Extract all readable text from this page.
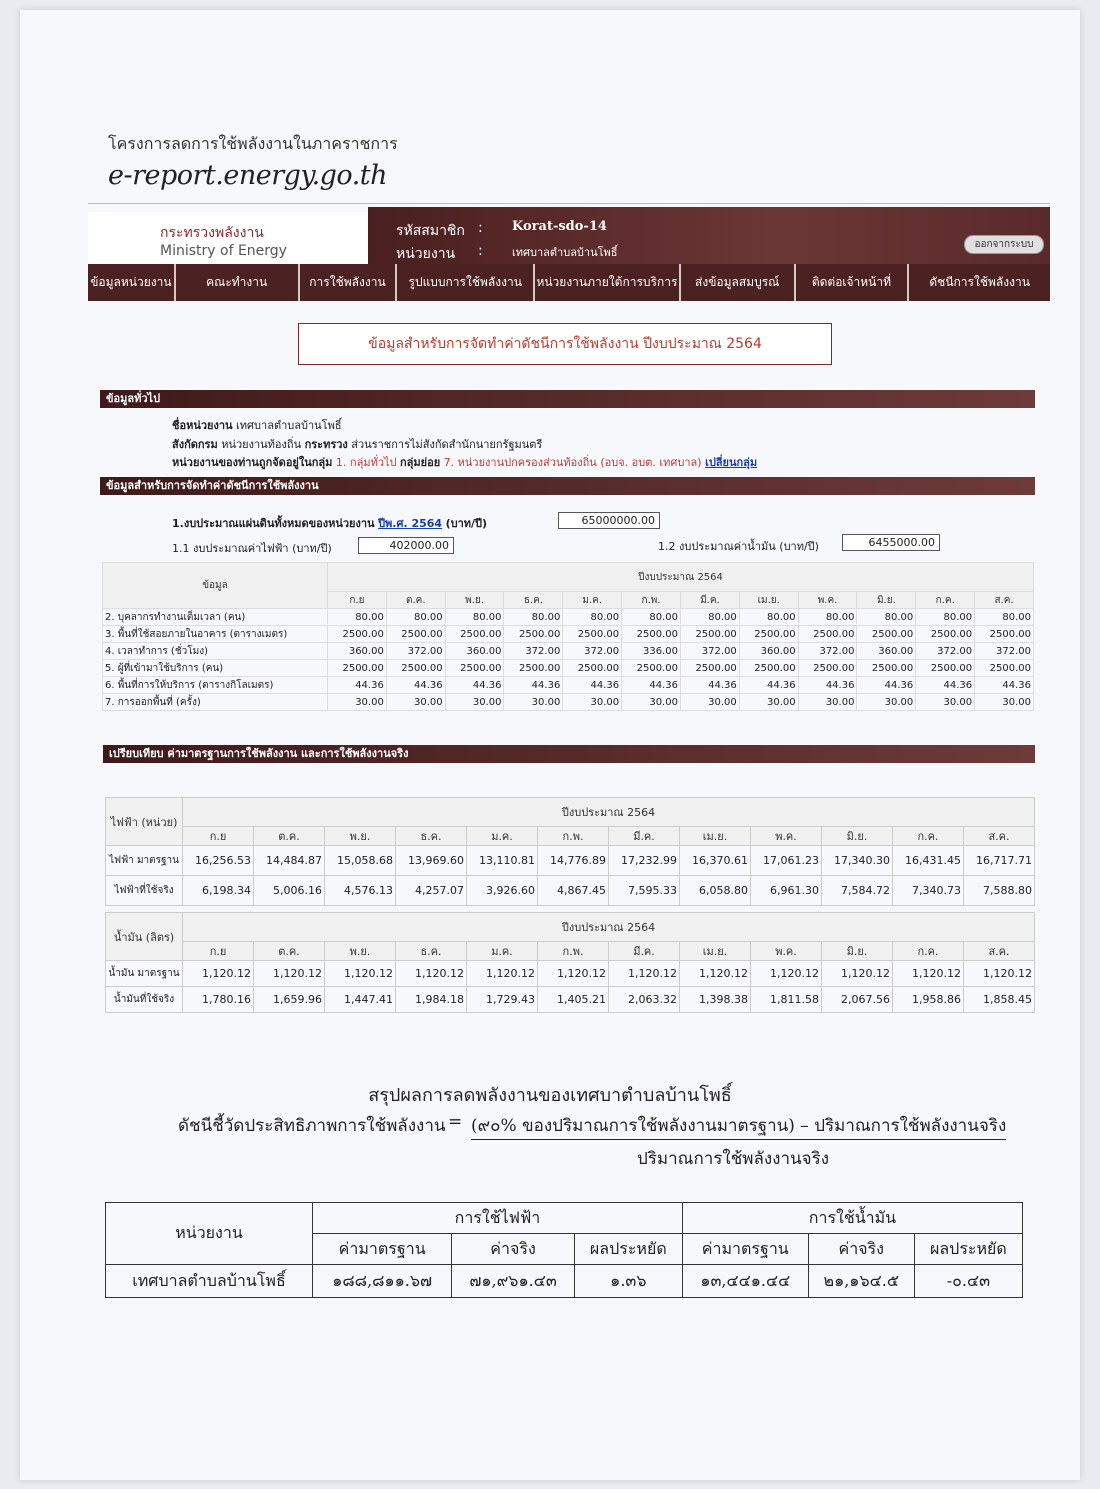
โครงการลดการใช้พลังงานในภาคราชการ
e-report.energy.go.th
กระทรวงพลังงาน
Ministry of Energy
รหัสสมาชิก : Korat-sdo-14
หน่วยงาน :	เทศบาลตำบลบ้านโพธิ์
ออกจากระบบ
ข้อมูลหน่วยงาน	คณะทำงาน	การใช้พลังงาน	รูปแบบการใช้พลังงาน	หน่วยงานภายใต้การบริการ	ส่งข้อมูลสมบูรณ์	ติดต่อเจ้าหน้าที่	ดัชนีการใช้พลังงาน
ข้อมูลสำหรับการจัดทำค่าดัชนีการใช้พลังงาน ปีงบประมาณ 2564
ข้อมูลทั่วไป
ชื่อหน่วยงาน เทศบาลตำบลบ้านโพธิ์
สังกัดกรม หน่วยงานท้องถิ่น กระทรวง ส่วนราชการไม่สังกัดสำนักนายกรัฐมนตรี
หน่วยงานของท่านถูกจัดอยู่ในกลุ่ม 1. กลุ่มทั่วไป กลุ่มย่อย 7. หน่วยงานปกครองส่วนท้องถิ่น (อบจ. อบต. เทศบาล) เปลี่ยนกลุ่ม
ข้อมูลสำหรับการจัดทำค่าดัชนีการใช้พลังงาน
1.งบประมาณแผ่นดินทั้งหมดของหน่วยงาน ปีพ.ศ. 2564 (บาท/ปี)	65000000.00
1.1 งบประมาณค่าไฟฟ้า (บาท/ปี)	402000.00	1.2 งบประมาณค่าน้ำมัน (บาท/ปี)	6455000.00
ข้อมูล	ปีงบประมาณ 2564											
	ก.ย	ต.ค.	พ.ย.	ธ.ค.	ม.ค.	ก.พ.	มี.ค.	เม.ย.	พ.ค.	มิ.ย.	ก.ค.	ส.ค.
2. บุคลากรทำงานเต็มเวลา (คน)	80.00	80.00	80.00	80.00	80.00	80.00	80.00	80.00	80.00	80.00	80.00	80.00
3. พื้นที่ใช้สอยภายในอาคาร (ตารางเมตร)	2500.00	2500.00	2500.00	2500.00	2500.00	2500.00	2500.00	2500.00	2500.00	2500.00	2500.00	2500.00
4. เวลาทำการ (ชั่วโมง)	360.00	372.00	360.00	372.00	372.00	336.00	372.00	360.00	372.00	360.00	372.00	372.00
5. ผู้ที่เข้ามาใช้บริการ (คน)	2500.00	2500.00	2500.00	2500.00	2500.00	2500.00	2500.00	2500.00	2500.00	2500.00	2500.00	2500.00
6. พื้นที่การให้บริการ (ตารางกิโลเมตร)	44.36	44.36	44.36	44.36	44.36	44.36	44.36	44.36	44.36	44.36	44.36	44.36
7. การออกพื้นที่ (ครั้ง)	30.00	30.00	30.00	30.00	30.00	30.00	30.00	30.00	30.00	30.00	30.00	30.00
เปรียบเทียบ ค่ามาตรฐานการใช้พลังงาน และการใช้พลังงานจริง
ไฟฟ้า (หน่วย)	ปีงบประมาณ 2564											
	ก.ย	ต.ค.	พ.ย.	ธ.ค.	ม.ค.	ก.พ.	มี.ค.	เม.ย.	พ.ค.	มิ.ย.	ก.ค.	ส.ค.
ไฟฟ้า มาตรฐาน	16,256.53	14,484.87	15,058.68	13,969.60	13,110.81	14,776.89	17,232.99	16,370.61	17,061.23	17,340.30	16,431.45	16,717.71
ไฟฟ้าที่ใช้จริง	6,198.34	5,006.16	4,576.13	4,257.07	3,926.60	4,867.45	7,595.33	6,058.80	6,961.30	7,584.72	7,340.73	7,588.80
น้ำมัน (ลิตร)	ปีงบประมาณ 2564											
	ก.ย	ต.ค.	พ.ย.	ธ.ค.	ม.ค.	ก.พ.	มี.ค.	เม.ย.	พ.ค.	มิ.ย.	ก.ค.	ส.ค.
น้ำมัน มาตรฐาน	1,120.12	1,120.12	1,120.12	1,120.12	1,120.12	1,120.12	1,120.12	1,120.12	1,120.12	1,120.12	1,120.12	1,120.12
น้ำมันที่ใช้จริง	1,780.16	1,659.96	1,447.41	1,984.18	1,729.43	1,405.21	2,063.32	1,398.38	1,811.58	2,067.56	1,958.86	1,858.45
สรุปผลการลดพลังงานของเทศบาตำบลบ้านโพธิ์
ดัชนีชี้วัดประสิทธิภาพการใช้พลังงาน = (๙๐% ของปริมาณการใช้พลังงานมาตรฐาน) – ปริมาณการใช้พลังงานจริง
ปริมาณการใช้พลังงานจริง
หน่วยงาน	การใช้ไฟฟ้า			การใช้น้ำมัน		
	ค่ามาตรฐาน	ค่าจริง	ผลประหยัด	ค่ามาตรฐาน	ค่าจริง	ผลประหยัด
เทศบาลตำบลบ้านโพธิ์	๑๘๘,๘๑๑.๖๗	๗๑,๙๖๑.๔๓	๑.๓๖	๑๓,๔๔๑.๔๔	๒๑,๑๖๔.๕	-๐.๔๓
